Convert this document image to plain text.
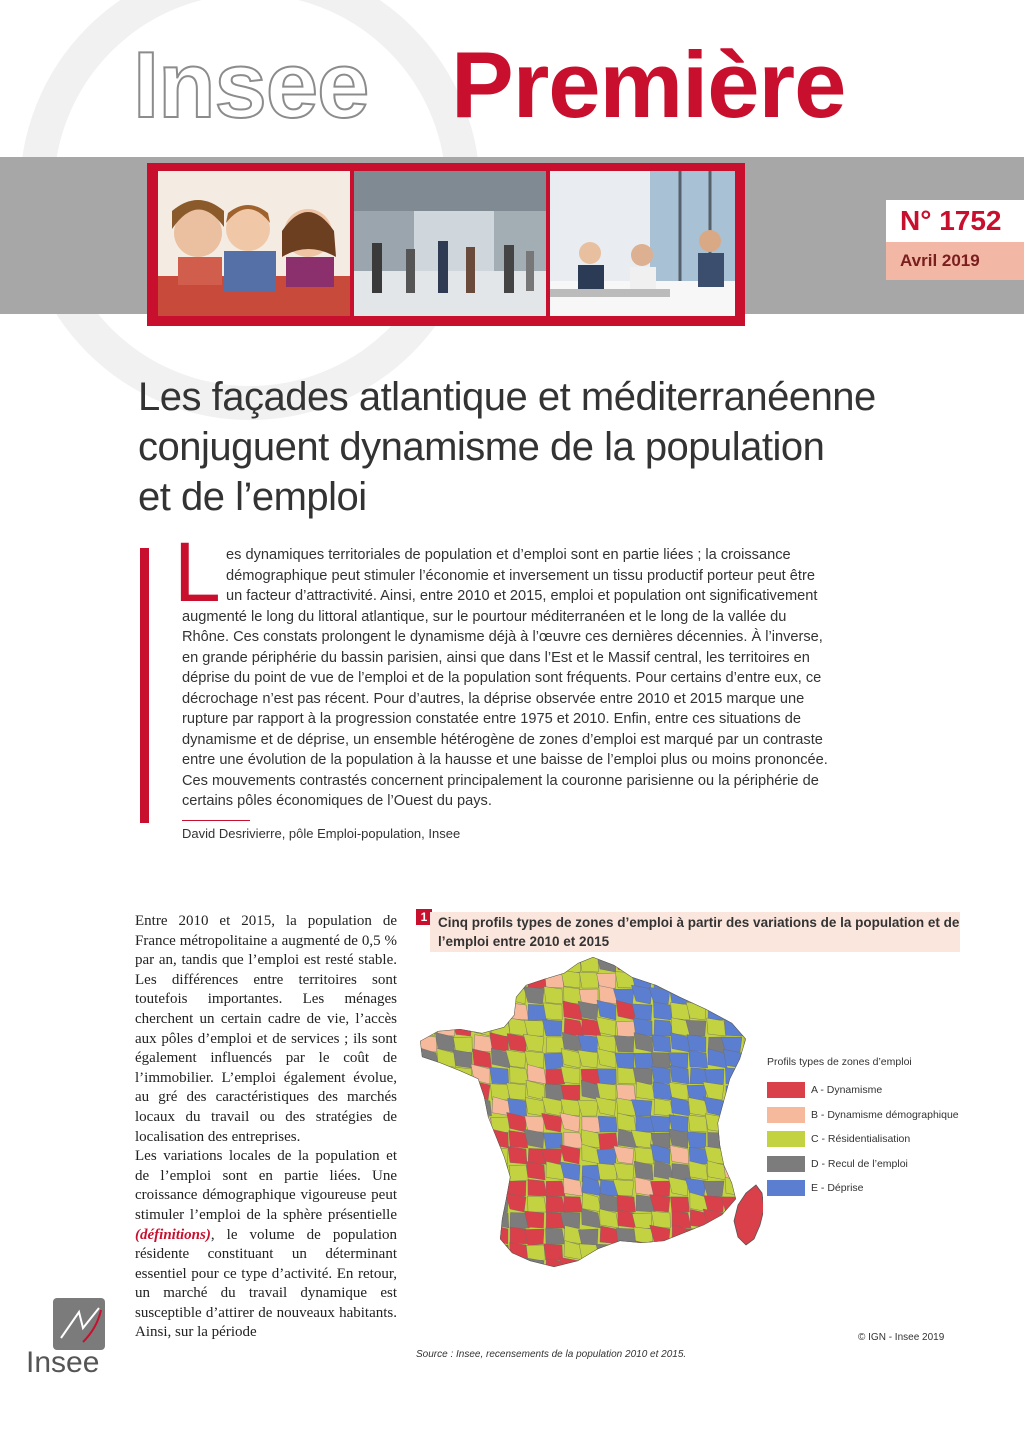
Insee Première
N° 1752
Avril 2019
Les façades atlantique et méditerranéenne
conjuguent dynamisme de la population
et de l’emploi
L es dynamiques territoriales de population et d’emploi sont en partie liées ; la croissance
démographique peut stimuler l’économie et inversement un tissu productif porteur peut être
un facteur d’attractivité. Ainsi, entre 2010 et 2015, emploi et population ont significativement
augmenté le long du littoral atlantique, sur le pourtour méditerranéen et le long de la vallée du
Rhône. Ces constats prolongent le dynamisme déjà à l’œuvre ces dernières décennies. À l’inverse,
en grande périphérie du bassin parisien, ainsi que dans l’Est et le Massif central, les territoires en
déprise du point de vue de l’emploi et de la population sont fréquents. Pour certains d’entre eux, ce
décrochage n’est pas récent. Pour d’autres, la déprise observée entre 2010 et 2015 marque une
rupture par rapport à la progression constatée entre 1975 et 2010. Enfin, entre ces situations de
dynamisme et de déprise, un ensemble hétérogène de zones d’emploi est marqué par un contraste
entre une évolution de la population à la hausse et une baisse de l’emploi plus ou moins prononcée.
Ces mouvements contrastés concernent principalement la couronne parisienne ou la périphérie de
certains pôles économiques de l’Ouest du pays.
David Desrivierre, pôle Emploi-population, Insee

Entre 2010 et 2015, la population de France métropolitaine a augmenté de 0,5 % par an, tandis que l’emploi est resté stable. Les différences entre territoires sont toutefois importantes. Les ménages cherchent un certain cadre de vie, l’accès aux pôles d’emploi et de services ; ils sont également influencés par le coût de l’immobilier. L’emploi également évolue, au gré des caractéristiques des marchés locaux du travail ou des stratégies de localisation des entreprises.

Les variations locales de la population et de l’emploi sont en partie liées. Une croissance démographique vigoureuse peut stimuler l’emploi de la sphère présentielle (définitions), le volume de population résidente constituant un déterminant essentiel pour ce type d’activité. En retour, un marché du travail dynamique est susceptible d’attirer de nouveaux habitants. Ainsi, sur la période

1 Cinq profils types de zones d’emploi à partir des variations de la population et de l’emploi entre 2010 et 2015
Profils types de zones d’emploi
A - Dynamisme
B - Dynamisme démographique
C - Résidentialisation
D - Recul de l’emploi
E - Déprise
© IGN - Insee 2019
Source : Insee, recensements de la population 2010 et 2015.
Insee
